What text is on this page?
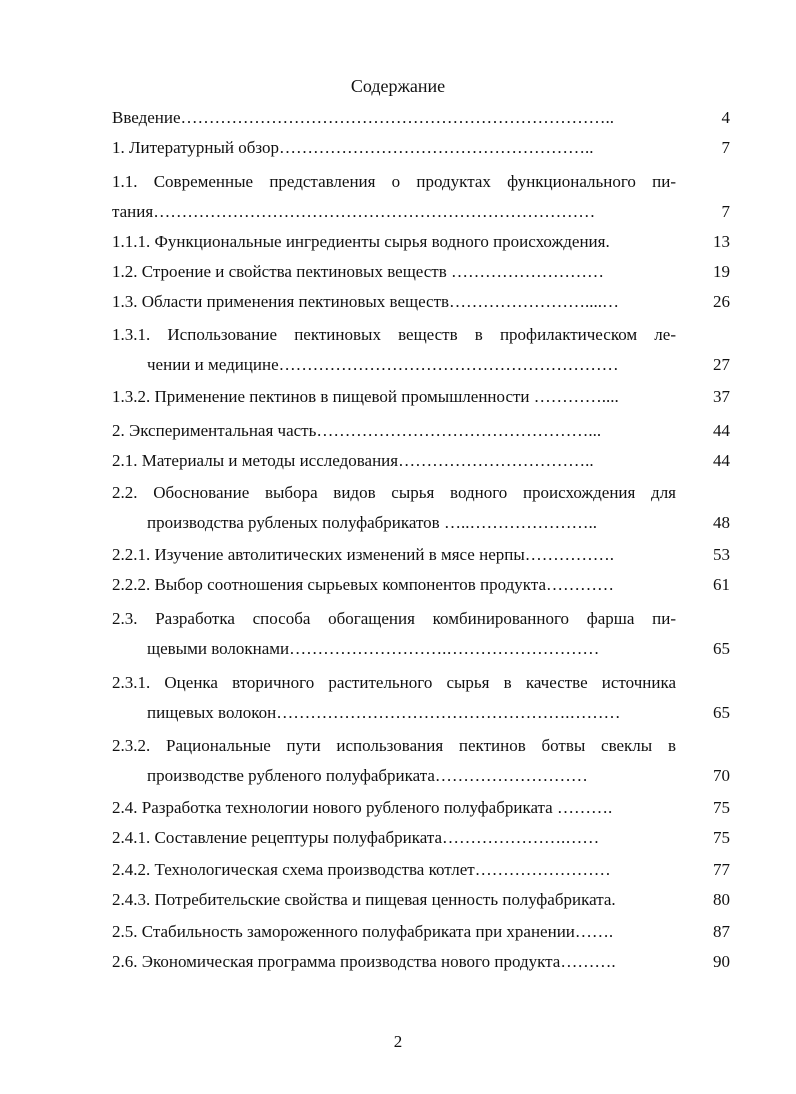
Содержание
Введение…………………………………………………………………..	4
1. Литературный обзор………………………………………………..	7
1.1. Современные представления о продуктах функционального пи-
тания……………………………………………………………………	7
1.1.1. Функциональные ингредиенты сырья водного происхождения.	13
1.2. Строение и свойства пектиновых веществ ………………………	19
1.3. Области применения пектиновых веществ……………………....…	26
1.3.1. Использование пектиновых веществ в профилактическом ле-
чении и медицине……………………………………………………	27
1.3.2. Применение пектинов в пищевой промышленности …………....	37
2. Экспериментальная часть…………………………………………...	44
2.1. Материалы и методы исследования……………………………..	44
2.2. Обоснование выбора видов сырья водного происхождения для
производства рубленых полуфабрикатов …..…………………..	48
2.2.1. Изучение автолитических изменений в мясе нерпы…………….	53
2.2.2. Выбор соотношения сырьевых компонентов продукта…………	61
2.3. Разработка способа обогащения комбинированного фарша пи-
щевыми волокнами……………………….………………………	65
2.3.1. Оценка вторичного растительного сырья в качестве источника
пищевых волокон…………………………………………….………	65
2.3.2. Рациональные пути использования пектинов ботвы свеклы в
производстве рубленого полуфабриката………………………	70
2.4. Разработка технологии нового рубленого полуфабриката ……….	75
2.4.1. Составление рецептуры полуфабриката………………….……	75
2.4.2. Технологическая схема производства котлет……………………	77
2.4.3. Потребительские свойства и пищевая ценность полуфабриката.	80
2.5. Стабильность замороженного полуфабриката при хранении…….	87
2.6. Экономическая программа производства нового продукта……….	90
2
